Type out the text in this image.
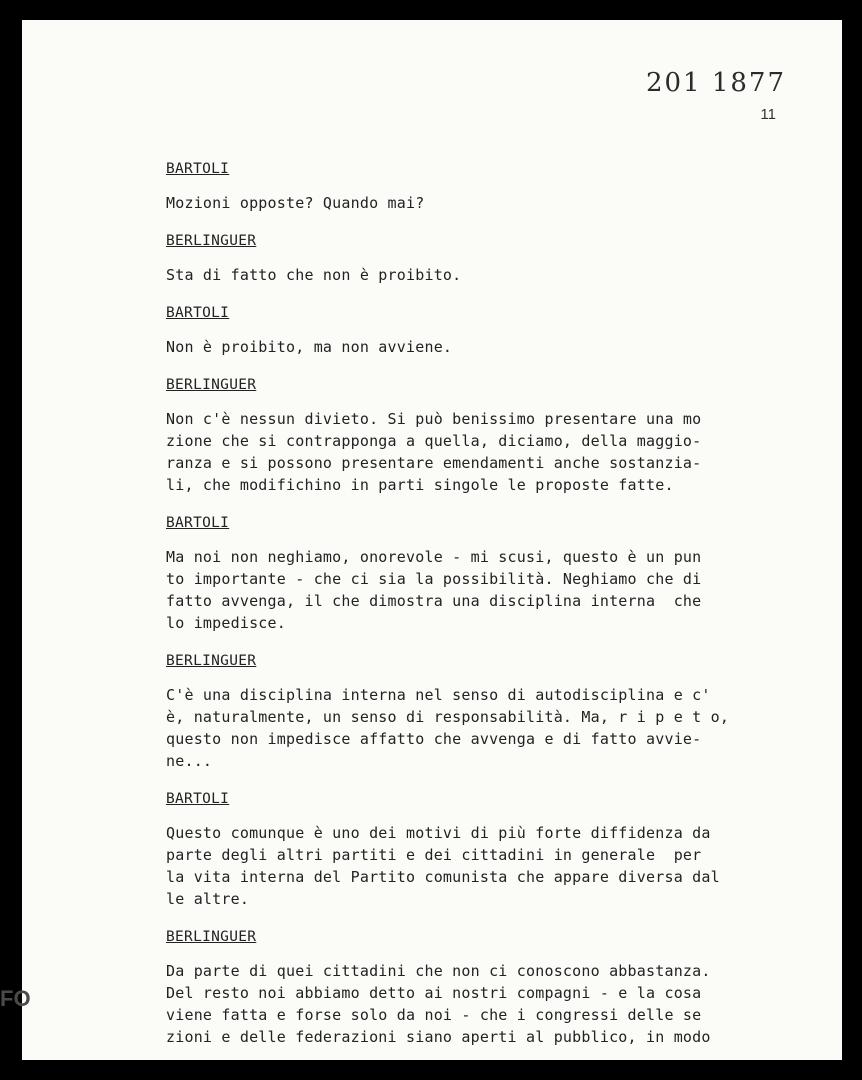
201 1877
11
BARTOLI
Mozioni opposte? Quando mai?
BERLINGUER
Sta di fatto che non è proibito.
BARTOLI
Non è proibito, ma non avviene.
BERLINGUER
Non c'è nessun divieto. Si può benissimo presentare una mo
zione che si contrapponga a quella, diciamo, della maggio-
ranza e si possono presentare emendamenti anche sostanzia-
li, che modifichino in parti singole le proposte fatte.
BARTOLI
Ma noi non neghiamo, onorevole - mi scusi, questo è un pun
to importante - che ci sia la possibilità. Neghiamo che di
fatto avvenga, il che dimostra una disciplina interna  che
lo impedisce.
BERLINGUER
C'è una disciplina interna nel senso di autodisciplina e c'
è, naturalmente, un senso di responsabilità. Ma, r i p e t o,
questo non impedisce affatto che avvenga e di fatto avvie-
ne...
BARTOLI
Questo comunque è uno dei motivi di più forte diffidenza da
parte degli altri partiti e dei cittadini in generale  per
la vita interna del Partito comunista che appare diversa dal
le altre.
BERLINGUER
Da parte di quei cittadini che non ci conoscono abbastanza.
Del resto noi abbiamo detto ai nostri compagni - e la cosa
viene fatta e forse solo da noi - che i congressi delle se
zioni e delle federazioni siano aperti al pubblico, in modo
FO
